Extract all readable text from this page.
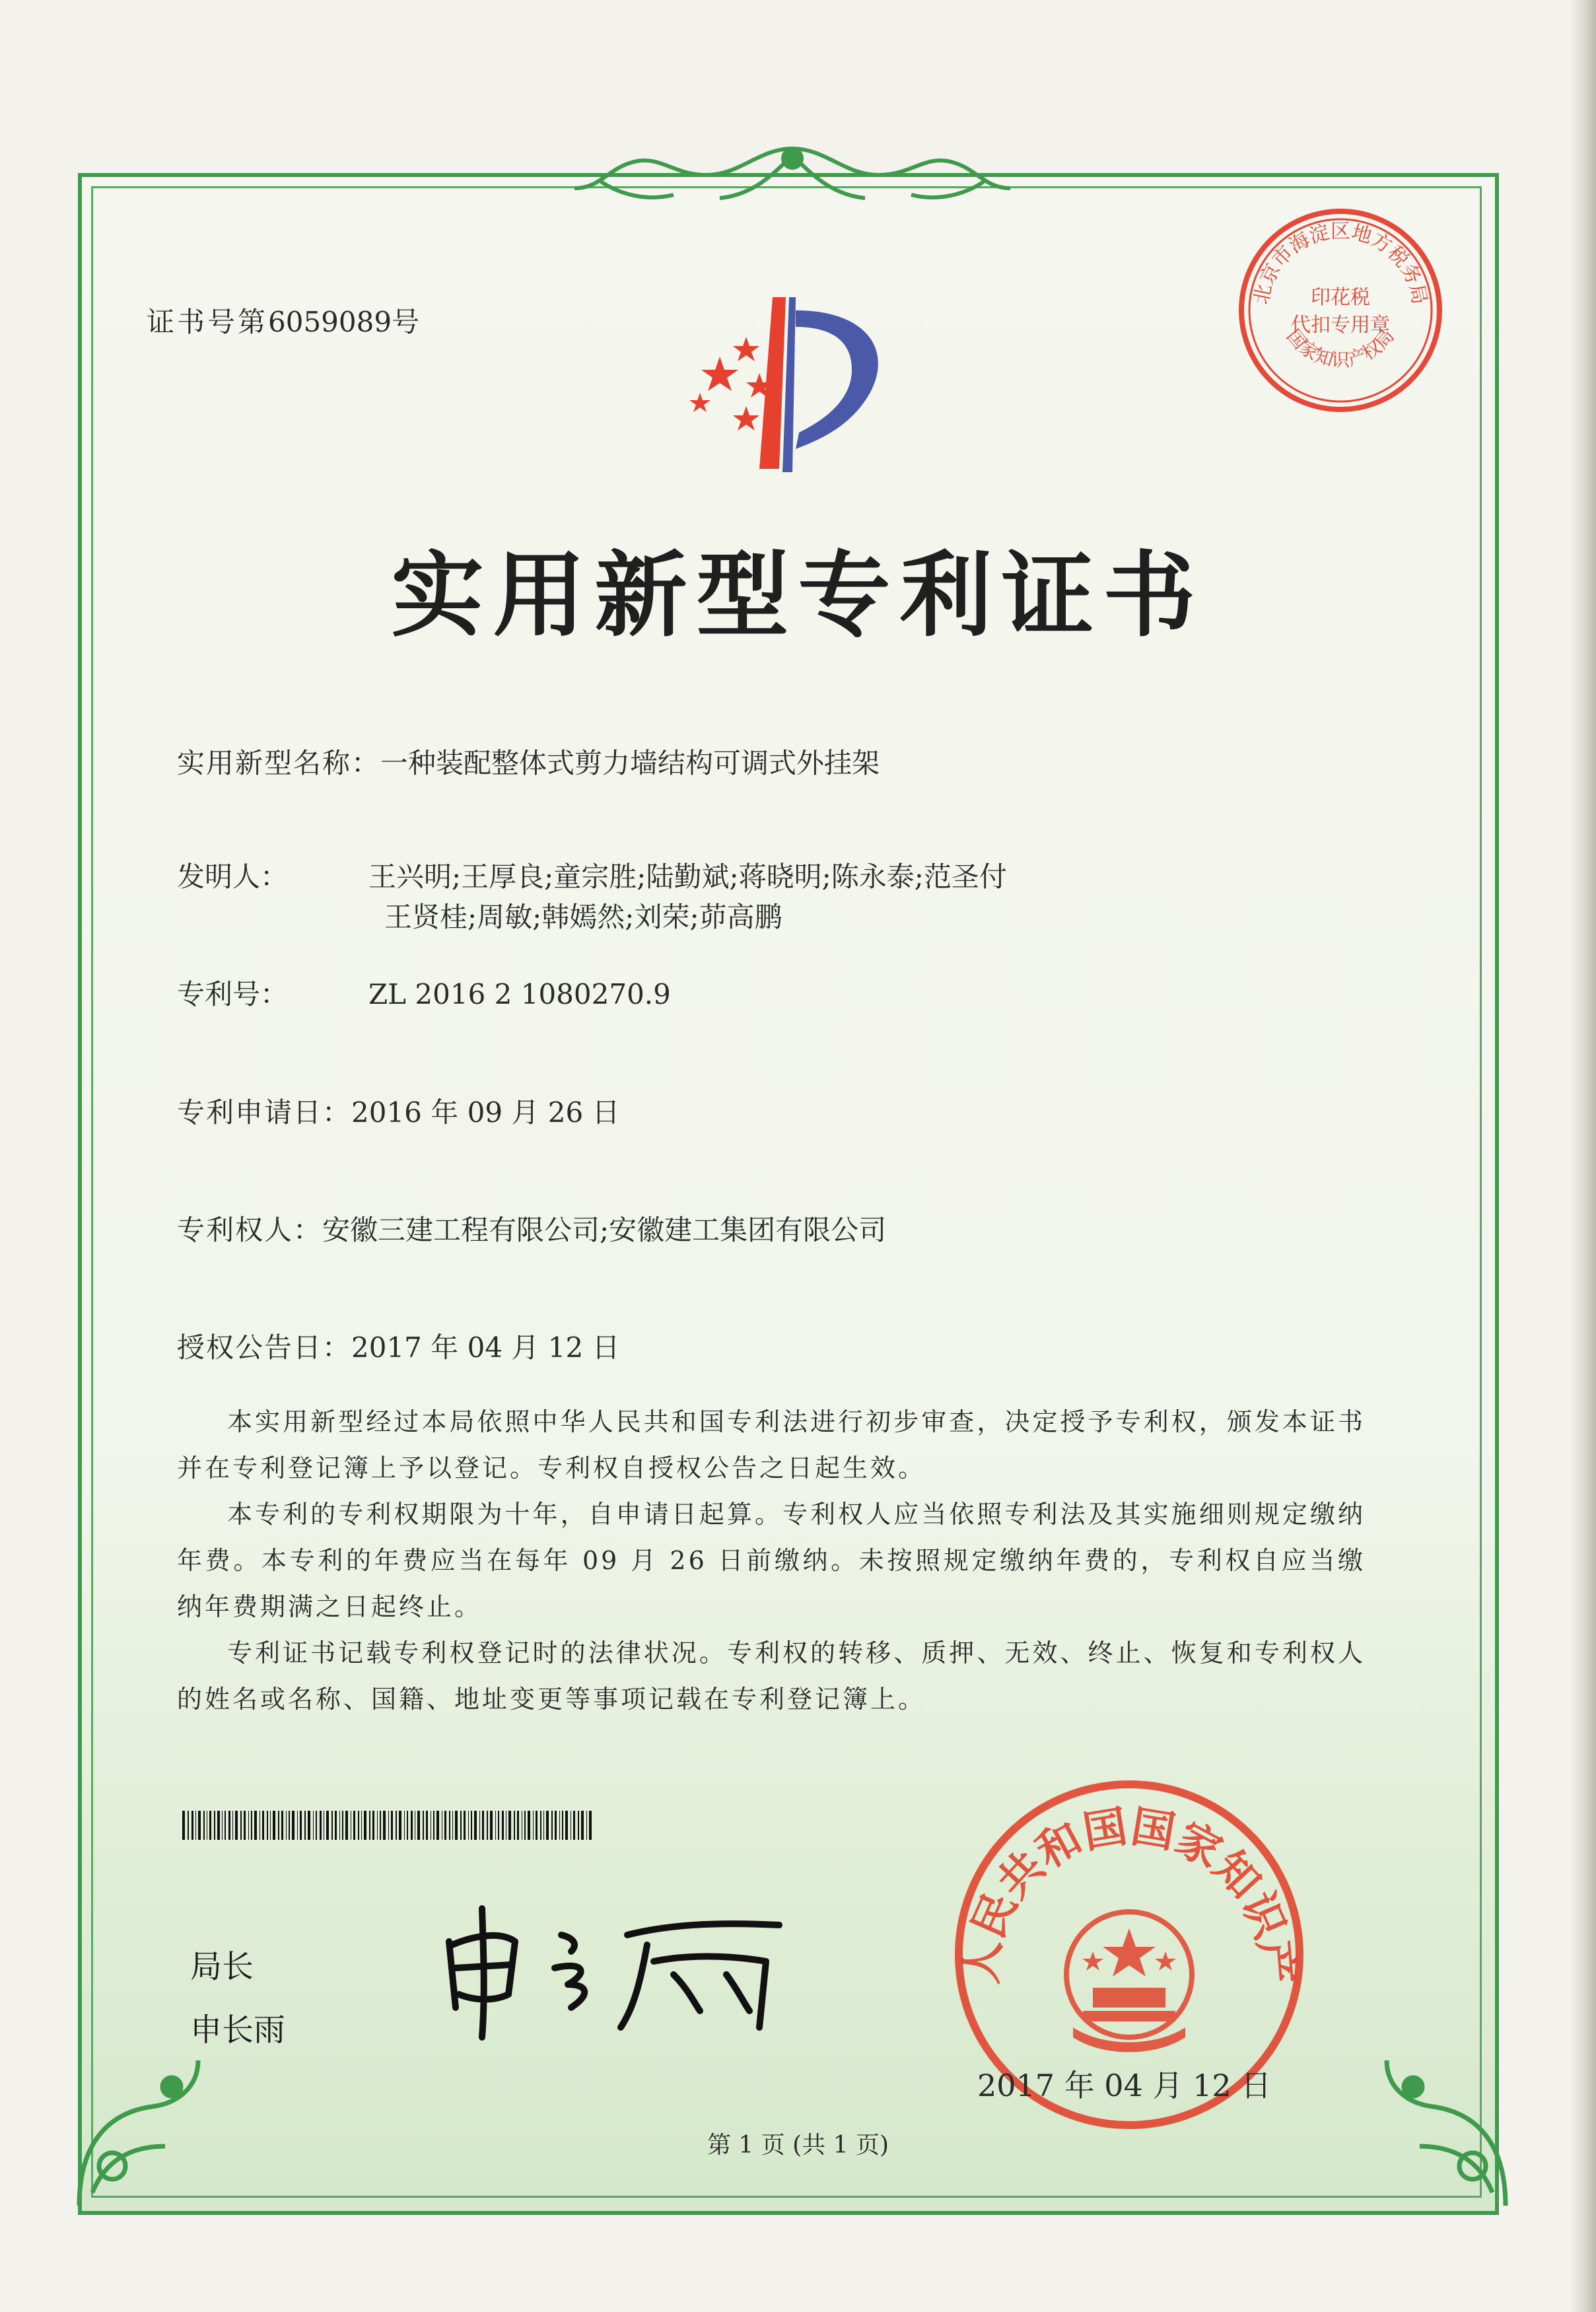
证书号第6059089号
北京市海淀区地方税务局
印花税
代扣专用章
国家知识产权局
实用新型专利证书
实用新型名称：一种装配整体式剪力墙结构可调式外挂架
发明人：	王兴明;王厚良;童宗胜;陆勤斌;蒋晓明;陈永泰;范圣付
王贤桂;周敏;韩嫣然;刘荣;茆高鹏
专利号：	ZL 2016 2 1080270.9
专利申请日：2016 年 09 月 26 日
专利权人：安徽三建工程有限公司;安徽建工集团有限公司
授权公告日：2017 年 04 月 12 日

本实用新型经过本局依照中华人民共和国专利法进行初步审查，决定授予专利权，颁发本证书并在专利登记簿上予以登记。专利权自授权公告之日起生效。

本专利的专利权期限为十年，自申请日起算。专利权人应当依照专利法及其实施细则规定缴纳年费。本专利的年费应当在每年 09 月 26 日前缴纳。未按照规定缴纳年费的，专利权自应当缴纳年费期满之日起终止。

专利证书记载专利权登记时的法律状况。专利权的转移、质押、无效、终止、恢复和专利权人的姓名或名称、国籍、地址变更等事项记载在专利登记簿上。

局长
申长雨
人民共和国国家知识产
2017 年 04 月 12 日
第 1 页 (共 1 页)
